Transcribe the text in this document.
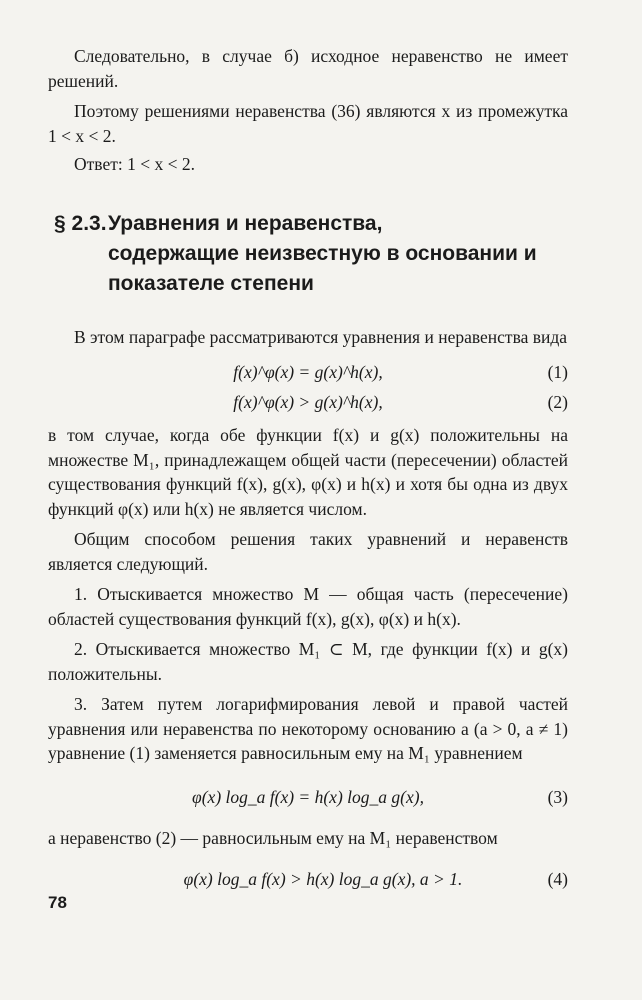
Следовательно, в случае б) исходное неравенство не имеет решений.

Поэтому решениями неравенства (36) являются x из промежутка 1 < x < 2.

Ответ: 1 < x < 2.

§ 2.3. Уравнения и неравенства,
содержащие неизвестную в основании и
показателе степени

В этом параграфе рассматриваются уравнения и неравенства вида

f(x)^φ(x) = g(x)^h(x),	(1)
f(x)^φ(x) > g(x)^h(x),	(2)

в том случае, когда обе функции f(x) и g(x) положительны на множестве M₁, принадлежащем общей части (пересечении) областей существования функций f(x), g(x), φ(x) и h(x) и хотя бы одна из двух функций φ(x) или h(x) не является числом.

Общим способом решения таких уравнений и неравенств является следующий.

1. Отыскивается множество M — общая часть (пересечение) областей существования функций f(x), g(x), φ(x) и h(x).

2. Отыскивается множество M₁ ⊂ M, где функции f(x) и g(x) положительны.

3. Затем путем логарифмирования левой и правой частей уравнения или неравенства по некоторому основанию a (a > 0, a ≠ 1) уравнение (1) заменяется равносильным ему на M₁ уравнением

φ(x) log_a f(x) = h(x) log_a g(x),	(3)

а неравенство (2) — равносильным ему на M₁ неравенством

φ(x) log_a f(x) > h(x) log_a g(x), a > 1.	(4)
78
